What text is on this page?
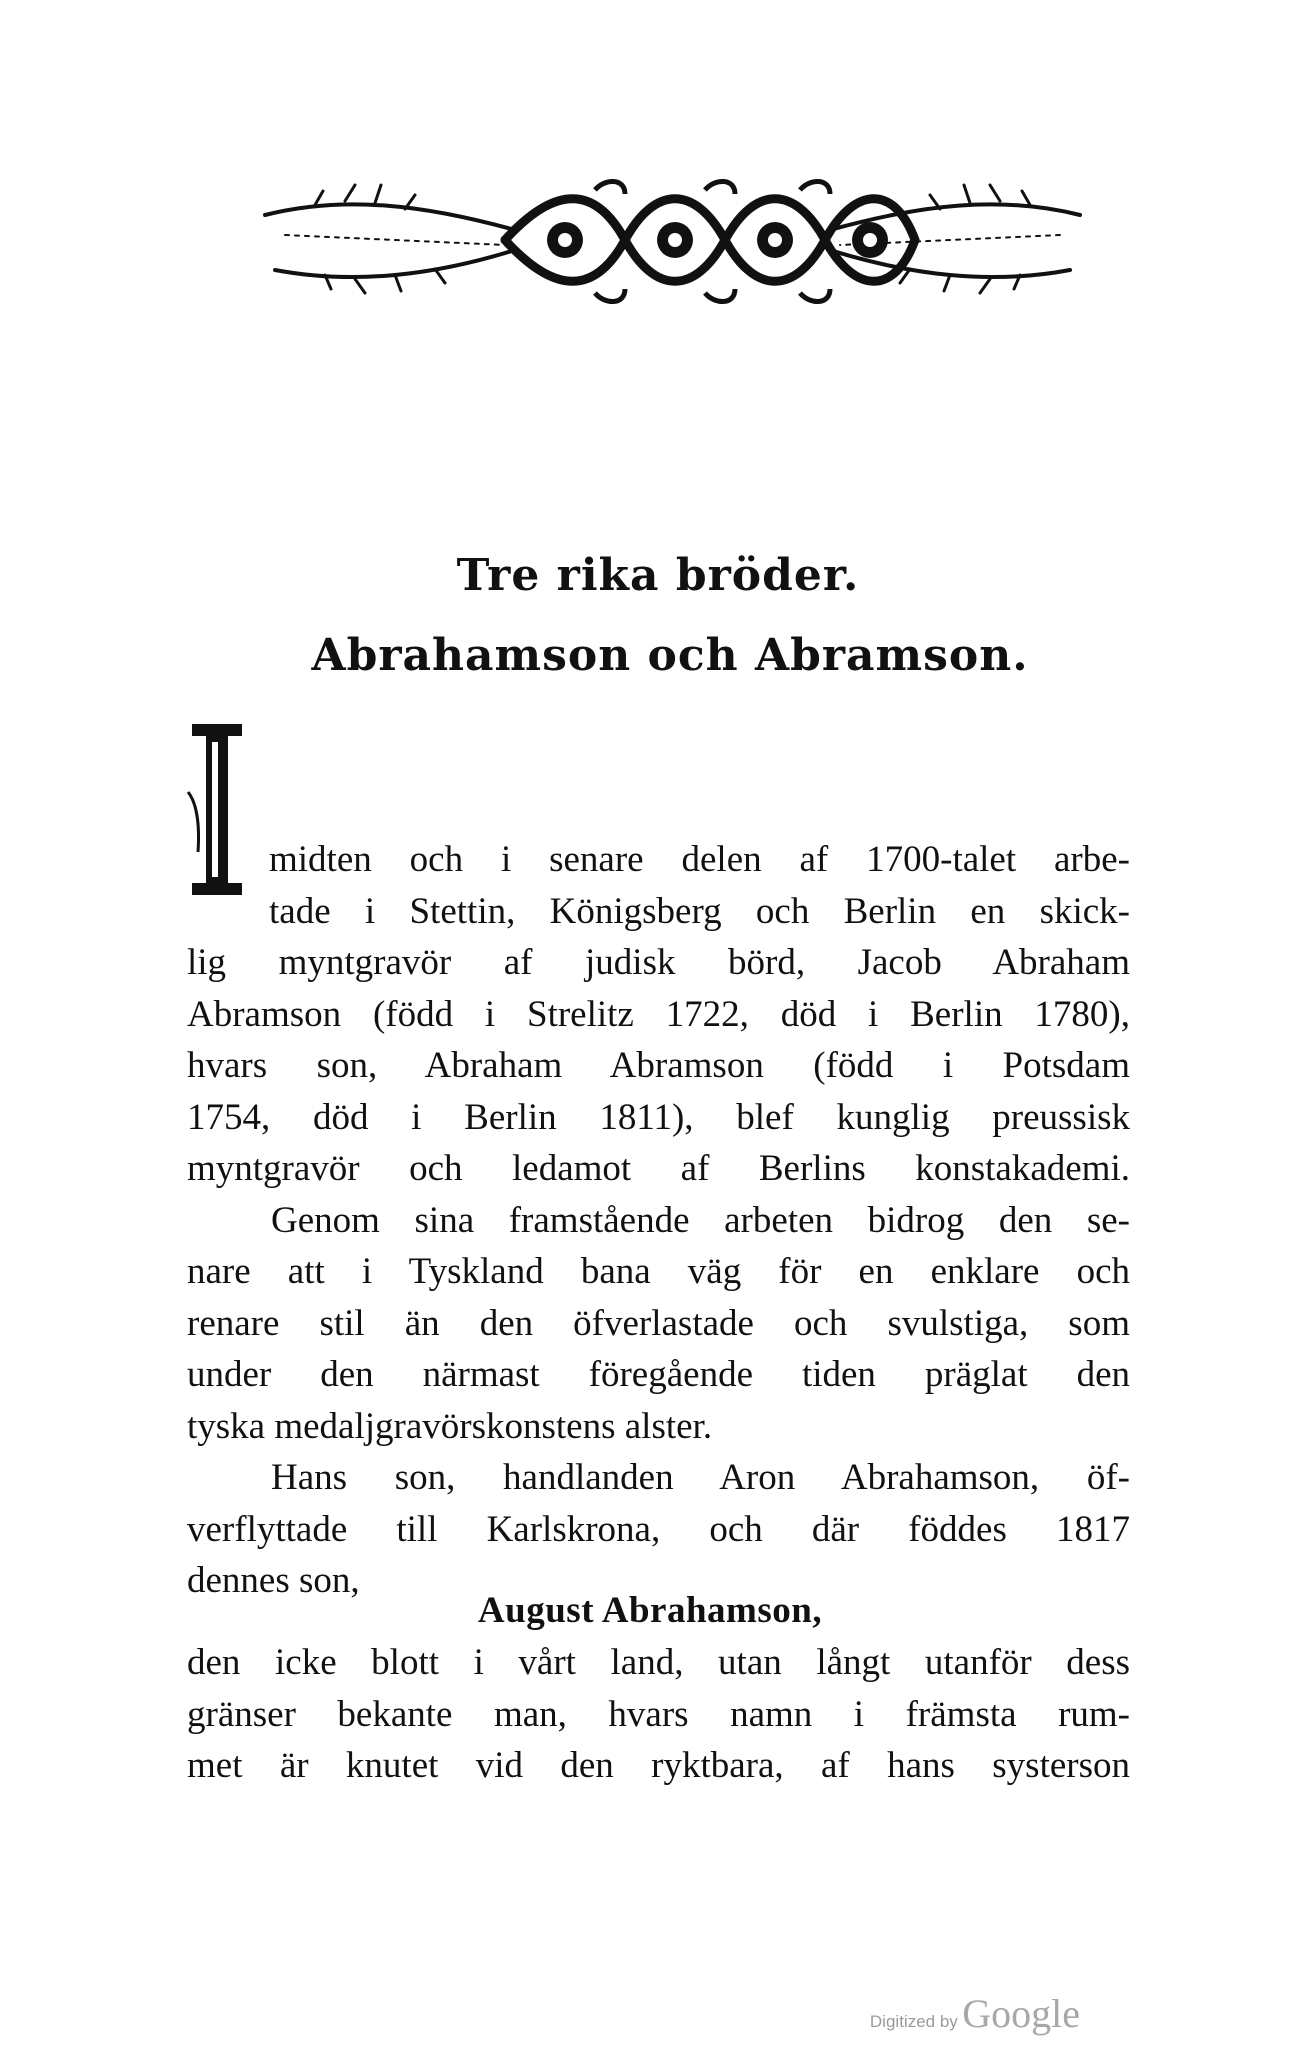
Tre rika bröder.
Abrahamson och Abramson.
midten och i senare delen af 1700-talet arbe-
tade i Stettin, Königsberg och Berlin en skick-
lig myntgravör af judisk börd, Jacob Abraham
Abramson (född i Strelitz 1722, död i Berlin 1780),
hvars son, Abraham Abramson (född i Potsdam
1754, död i Berlin 1811), blef kunglig preussisk
myntgravör och ledamot af Berlins konstakademi.
Genom sina framstående arbeten bidrog den se-
nare att i Tyskland bana väg för en enklare och
renare stil än den öfverlastade och svulstiga, som
under den närmast föregående tiden präglat den
tyska medaljgravörskonstens alster.
Hans son, handlanden Aron Abrahamson, öf-
verflyttade till Karlskrona, och där föddes 1817
dennes son,
August Abrahamson,
den icke blott i vårt land, utan långt utanför dess
gränser bekante man, hvars namn i främsta rum-
met är knutet vid den ryktbara, af hans systerson
Digitized by Google
